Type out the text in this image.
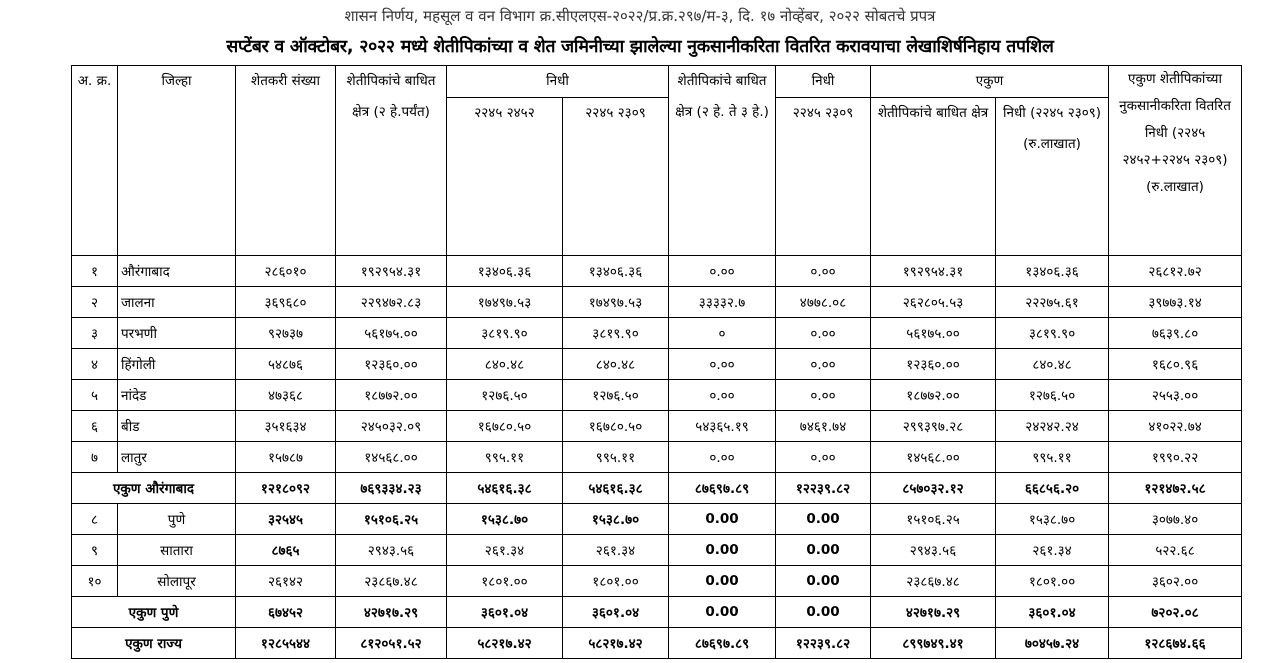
शासन निर्णय, महसूल व वन विभाग क्र.सीएलएस-२०२२/प्र.क्र.२९७/म-३, दि. १७ नोव्हेंबर, २०२२ सोबतचे प्रपत्र
सप्टेंबर व ऑक्टोबर, २०२२ मध्ये शेतीपिकांच्या व शेत जमिनीच्या झालेल्या नुकसानीकरिता वितरित करावयाचा लेखाशिर्षनिहाय तपशिल
अ. क्र.	जिल्हा	शेतकरी संख्या	शेतीपिकांचे बाधित क्षेत्र (२ हे.पर्यंत)	निधी		शेतीपिकांचे बाधित क्षेत्र (२ हे. ते ३ हे.)	निधी	एकुण		एकुण शेतीपिकांच्या नुकसानीकरिता वितरित निधी (२२४५ २४५२+२२४५ २३०९) (रु.लाखात)
				२२४५ २४५२	२२४५ २३०९		२२४५ २३०९	शेतीपिकांचे बाधित क्षेत्र	निधी (२२४५ २३०९) (रु.लाखात)	
१	औरंगाबाद	२८६०१०	१९२९५४.३१	१३४०६.३६	१३४०६.३६	०.००	०.००	१९२९५४.३१	१३४०६.३६	२६८१२.७२
२	जालना	३६९६८०	२२९४७२.८३	१७४९७.५३	१७४९७.५३	३३३३२.७	४७७८.०८	२६२८०५.५३	२२२७५.६१	३९७७३.१४
३	परभणी	९२७३७	५६१७५.००	३८१९.९०	३८१९.९०	०	०.००	५६१७५.००	३८१९.९०	७६३९.८०
४	हिंगोली	५४८७६	१२३६०.००	८४०.४८	८४०.४८	०.००	०.००	१२३६०.००	८४०.४८	१६८०.९६
५	नांदेड	४७३६८	१८७७२.००	१२७६.५०	१२७६.५०	०.००	०.००	१८७७२.००	१२७६.५०	२५५३.००
६	बीड	३५१६३४	२४५०३२.०९	१६७८०.५०	१६७८०.५०	५४३६५.१९	७४६१.७४	२९९३९७.२८	२४२४२.२४	४१०२२.७४
७	लातुर	१५७८७	१४५६८.००	९९५.११	९९५.११	०.००	०.००	१४५६८.००	९९५.११	१९९०.२२
एकुण औरंगाबाद		१२१८०९२	७६९३३४.२३	५४६१६.३८	५४६१६.३८	८७६९७.८९	१२२३९.८२	८५७०३२.१२	६६८५६.२०	१२१४७२.५८
८	पुणे	३२५४५	१५१०६.२५	१५३८.७०	१५३८.७०	0.00	0.00	१५१०६.२५	१५३८.७०	३०७७.४०
९	सातारा	८७६५	२९४३.५६	२६१.३४	२६१.३४	0.00	0.00	२९४३.५६	२६१.३४	५२२.६८
१०	सोलापूर	२६१४२	२३८६७.४८	१८०१.००	१८०१.००	0.00	0.00	२३८६७.४८	१८०१.००	३६०२.००
एकुण पुणे		६७४५२	४२७१७.२९	३६०१.०४	३६०१.०४	0.00	0.00	४२७१७.२९	३६०१.०४	७२०२.०८
एकुण राज्य		१२८५५४४	८१२०५१.५२	५८२१७.४२	५८२१७.४२	८७६९७.८९	१२२३९.८२	८९९७४९.४१	७०४५७.२४	१२८६७४.६६
